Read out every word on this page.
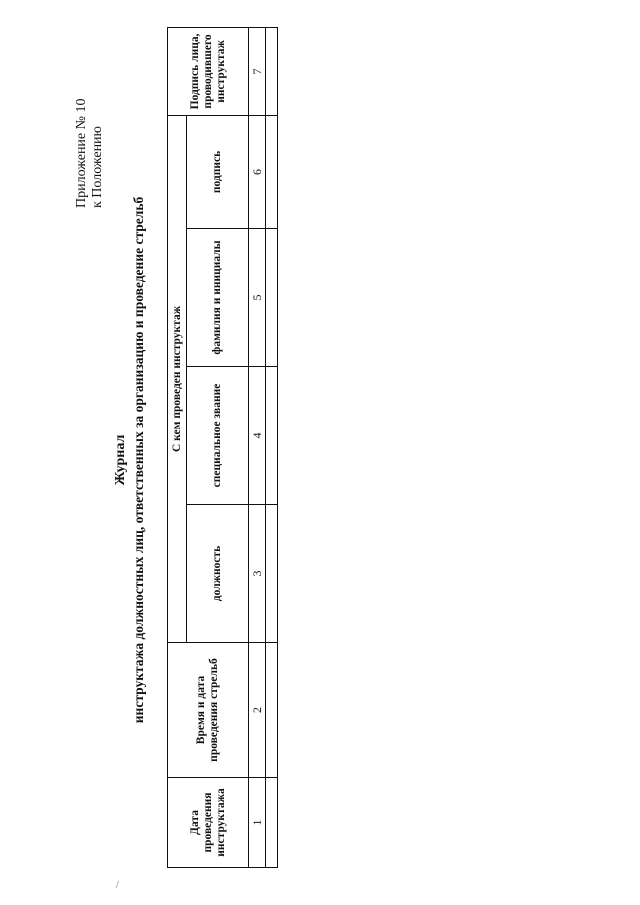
Приложение № 10 к Положению
Журнал инструктажа должностных лиц, ответственных за организацию и проведение стрельб
Дата проведения инструктажа	Время и дата проведения стрельб	С кем проведен инструктаж				Подпись лица, проводившего инструктаж
		должность	специальное звание	фамилия и инициалы	подпись	
1	2	3	4	5	6	7

/
